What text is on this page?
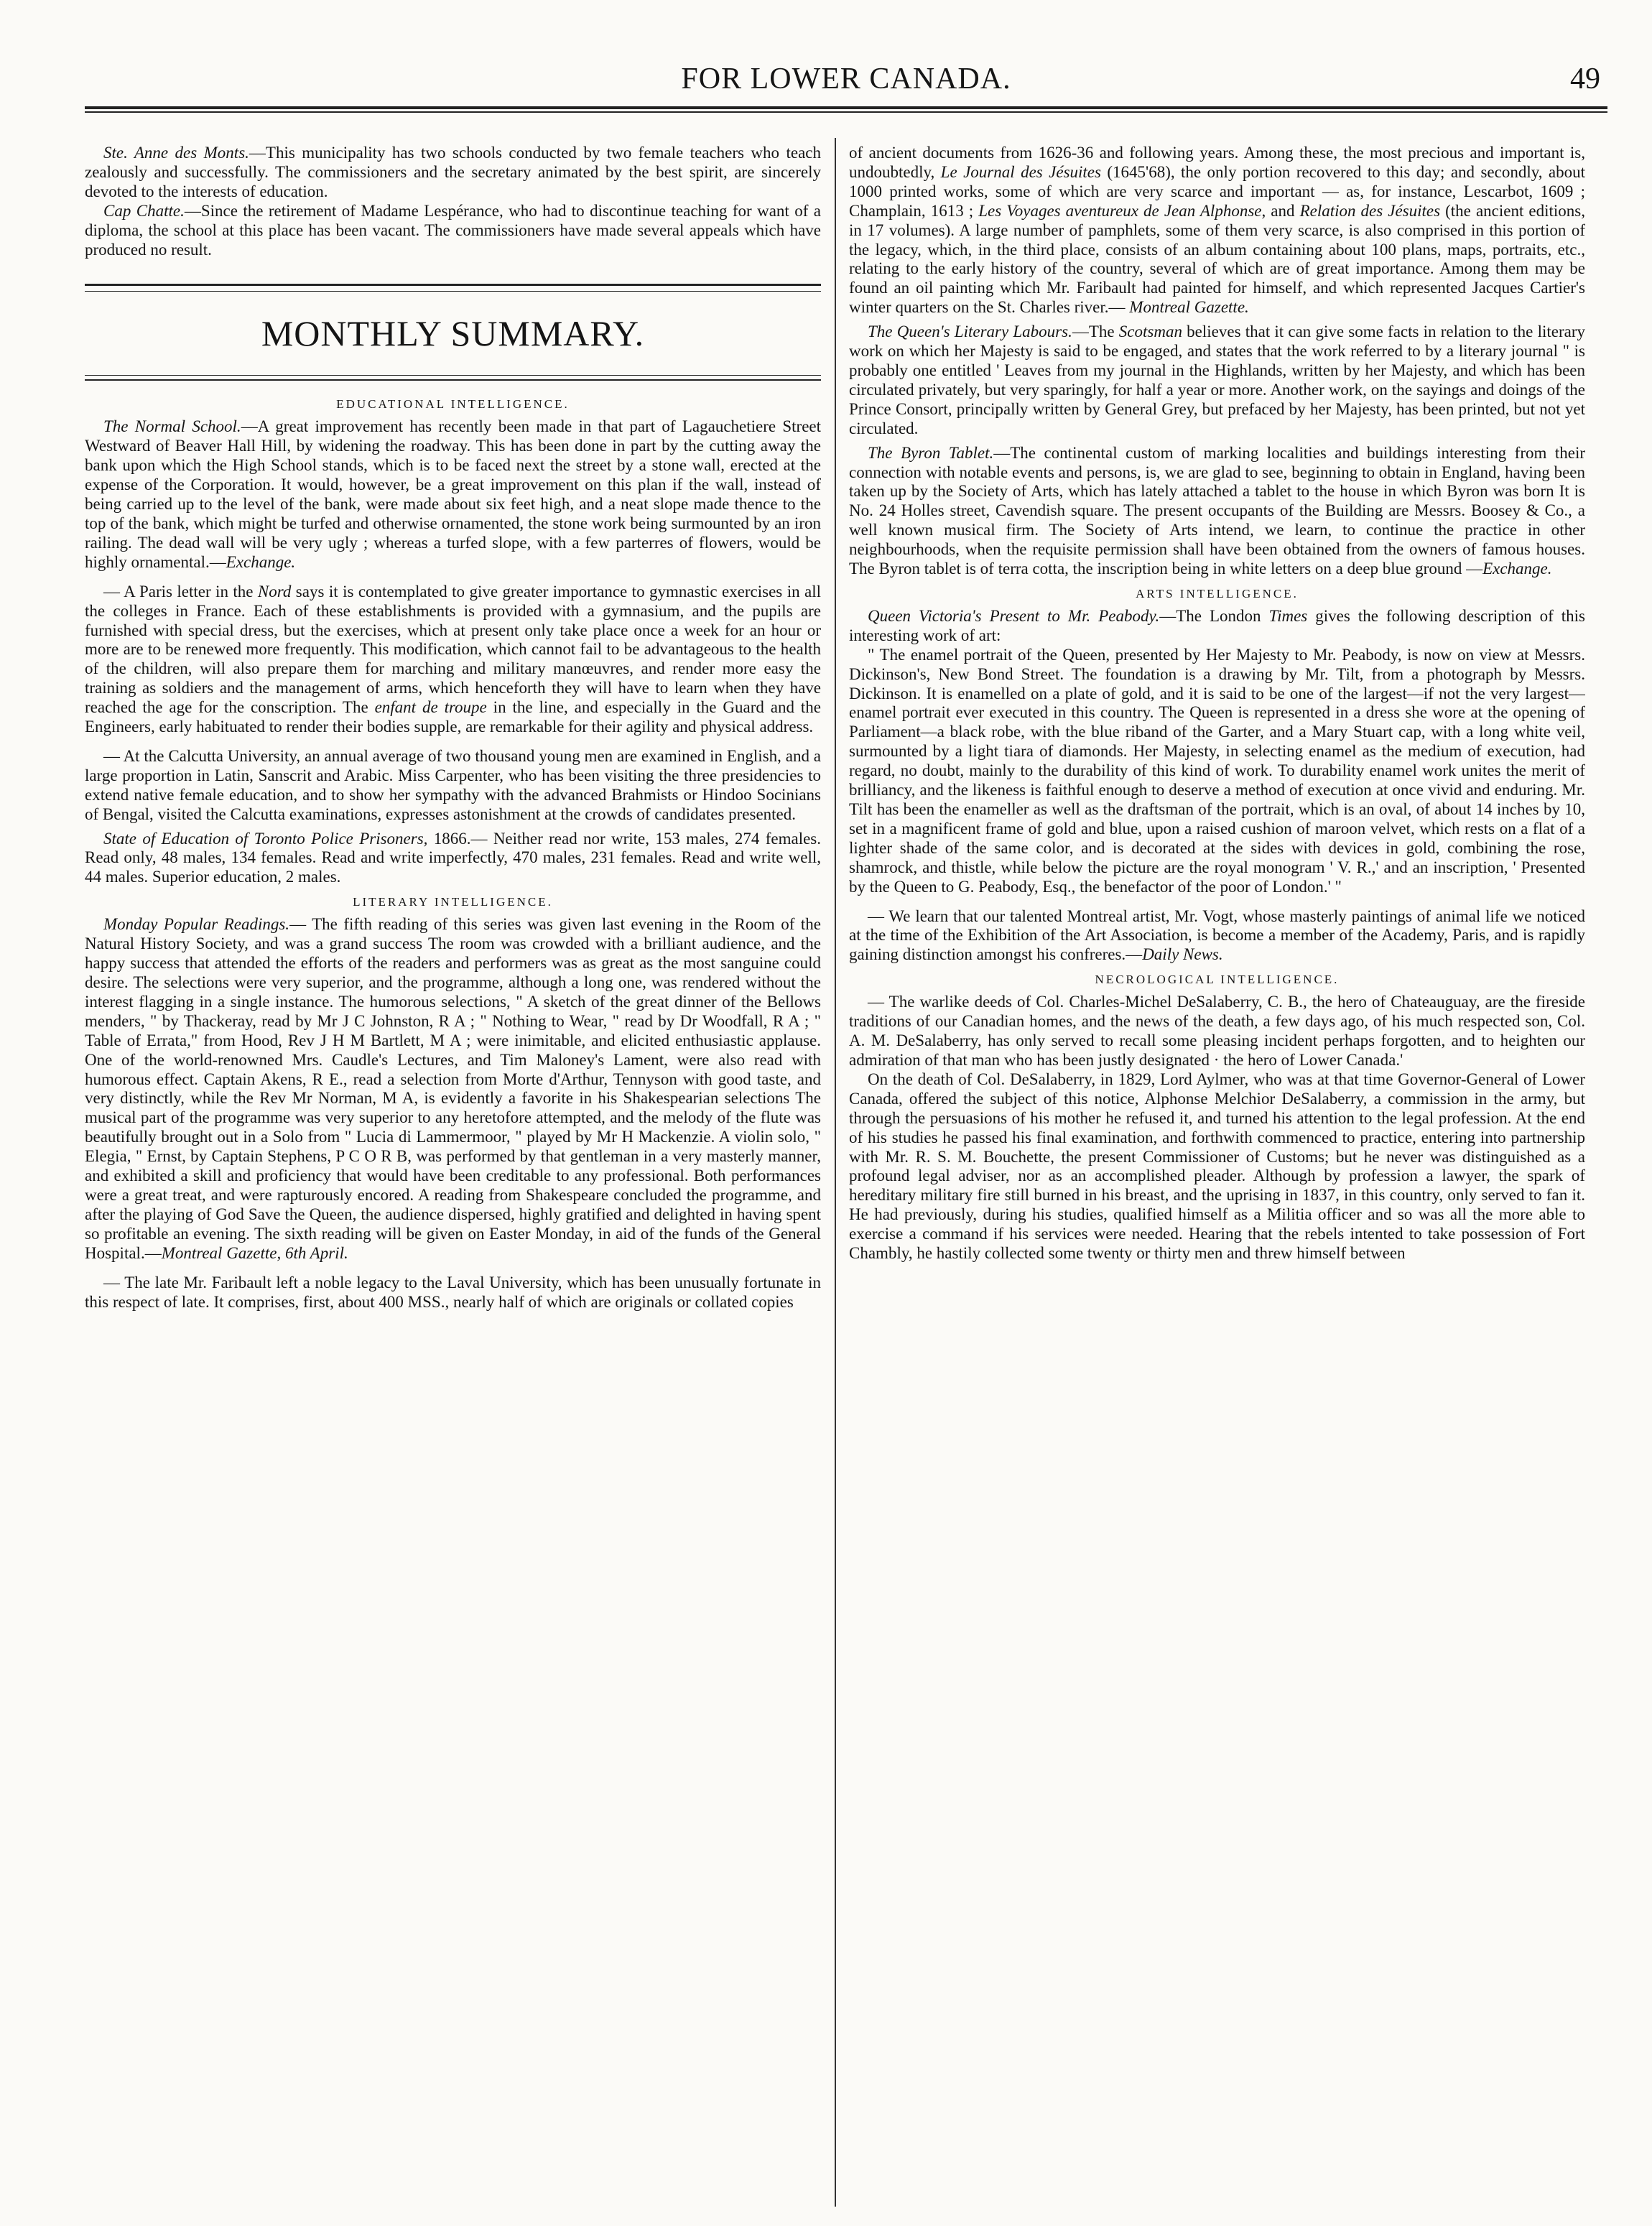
FOR LOWER CANADA.	49

Ste. Anne des Monts.—This municipality has two schools conducted by two female teachers who teach zealously and successfully. The commissioners and the secretary animated by the best spirit, are sincerely devoted to the interests of education.

Cap Chatte.—Since the retirement of Madame Lespérance, who had to discontinue teaching for want of a diploma, the school at this place has been vacant. The commissioners have made several appeals which have produced no result.

MONTHLY SUMMARY.
EDUCATIONAL INTELLIGENCE.

The Normal School.—A great improvement has recently been made in that part of Lagauchetiere Street Westward of Beaver Hall Hill, by widening the roadway. This has been done in part by the cutting away the bank upon which the High School stands, which is to be faced next the street by a stone wall, erected at the expense of the Corporation. It would, however, be a great improvement on this plan if the wall, instead of being carried up to the level of the bank, were made about six feet high, and a neat slope made thence to the top of the bank, which might be turfed and otherwise ornamented, the stone work being surmounted by an iron railing. The dead wall will be very ugly ; whereas a turfed slope, with a few parterres of flowers, would be highly ornamental.—Exchange.

— A Paris letter in the Nord says it is contemplated to give greater importance to gymnastic exercises in all the colleges in France. Each of these establishments is provided with a gymnasium, and the pupils are furnished with special dress, but the exercises, which at present only take place once a week for an hour or more are to be renewed more frequently. This modification, which cannot fail to be advantageous to the health of the children, will also prepare them for marching and military manœuvres, and render more easy the training as soldiers and the management of arms, which henceforth they will have to learn when they have reached the age for the conscription. The enfant de troupe in the line, and especially in the Guard and the Engineers, early habituated to render their bodies supple, are remarkable for their agility and physical address.

— At the Calcutta University, an annual average of two thousand young men are examined in English, and a large proportion in Latin, Sanscrit and Arabic. Miss Carpenter, who has been visiting the three presidencies to extend native female education, and to show her sympathy with the advanced Brahmists or Hindoo Socinians of Bengal, visited the Calcutta examinations, expresses astonishment at the crowds of candidates presented.

State of Education of Toronto Police Prisoners, 1866.— Neither read nor write, 153 males, 274 females. Read only, 48 males, 134 females. Read and write imperfectly, 470 males, 231 females. Read and write well, 44 males. Superior education, 2 males.

LITERARY INTELLIGENCE.

Monday Popular Readings.— The fifth reading of this series was given last evening in the Room of the Natural History Society, and was a grand success The room was crowded with a brilliant audience, and the happy success that attended the efforts of the readers and performers was as great as the most sanguine could desire. The selections were very superior, and the programme, although a long one, was rendered without the interest flagging in a single instance. The humorous selections, " A sketch of the great dinner of the Bellows menders, " by Thackeray, read by Mr J C Johnston, R A ; " Nothing to Wear, " read by Dr Woodfall, R A ; " Table of Errata," from Hood, Rev J H M Bartlett, M A ; were inimitable, and elicited enthusiastic applause. One of the world-renowned Mrs. Caudle's Lectures, and Tim Maloney's Lament, were also read with humorous effect. Captain Akens, R E., read a selection from Morte d'Arthur, Tennyson with good taste, and very distinctly, while the Rev Mr Norman, M A, is evidently a favorite in his Shakespearian selections The musical part of the programme was very superior to any heretofore attempted, and the melody of the flute was beautifully brought out in a Solo from " Lucia di Lammermoor, " played by Mr H Mackenzie. A violin solo, " Elegia, " Ernst, by Captain Stephens, P C O R B, was performed by that gentleman in a very masterly manner, and exhibited a skill and proficiency that would have been creditable to any professional. Both performances were a great treat, and were rapturously encored. A reading from Shakespeare concluded the programme, and after the playing of God Save the Queen, the audience dispersed, highly gratified and delighted in having spent so profitable an evening. The sixth reading will be given on Easter Monday, in aid of the funds of the General Hospital.—Montreal Gazette, 6th April.

— The late Mr. Faribault left a noble legacy to the Laval University, which has been unusually fortunate in this respect of late. It comprises, first, about 400 MSS., nearly half of which are originals or collated copies

of ancient documents from 1626-36 and following years. Among these, the most precious and important is, undoubtedly, Le Journal des Jésuites (1645'68), the only portion recovered to this day; and secondly, about 1000 printed works, some of which are very scarce and important — as, for instance, Lescarbot, 1609 ; Champlain, 1613 ; Les Voyages aventureux de Jean Alphonse, and Relation des Jésuites (the ancient editions, in 17 volumes). A large number of pamphlets, some of them very scarce, is also comprised in this portion of the legacy, which, in the third place, consists of an album containing about 100 plans, maps, portraits, etc., relating to the early history of the country, several of which are of great importance. Among them may be found an oil painting which Mr. Faribault had painted for himself, and which represented Jacques Cartier's winter quarters on the St. Charles river.— Montreal Gazette.

The Queen's Literary Labours.—The Scotsman believes that it can give some facts in relation to the literary work on which her Majesty is said to be engaged, and states that the work referred to by a literary journal " is probably one entitled ' Leaves from my journal in the Highlands, written by her Majesty, and which has been circulated privately, but very sparingly, for half a year or more. Another work, on the sayings and doings of the Prince Consort, principally written by General Grey, but prefaced by her Majesty, has been printed, but not yet circulated.

The Byron Tablet.—The continental custom of marking localities and buildings interesting from their connection with notable events and persons, is, we are glad to see, beginning to obtain in England, having been taken up by the Society of Arts, which has lately attached a tablet to the house in which Byron was born It is No. 24 Holles street, Cavendish square. The present occupants of the Building are Messrs. Boosey & Co., a well known musical firm. The Society of Arts intend, we learn, to continue the practice in other neighbourhoods, when the requisite permission shall have been obtained from the owners of famous houses. The Byron tablet is of terra cotta, the inscription being in white letters on a deep blue ground —Exchange.

ARTS INTELLIGENCE.

Queen Victoria's Present to Mr. Peabody.—The London Times gives the following description of this interesting work of art:

" The enamel portrait of the Queen, presented by Her Majesty to Mr. Peabody, is now on view at Messrs. Dickinson's, New Bond Street. The foundation is a drawing by Mr. Tilt, from a photograph by Messrs. Dickinson. It is enamelled on a plate of gold, and it is said to be one of the largest—if not the very largest—enamel portrait ever executed in this country. The Queen is represented in a dress she wore at the opening of Parliament—a black robe, with the blue riband of the Garter, and a Mary Stuart cap, with a long white veil, surmounted by a light tiara of diamonds. Her Majesty, in selecting enamel as the medium of execution, had regard, no doubt, mainly to the durability of this kind of work. To durability enamel work unites the merit of brilliancy, and the likeness is faithful enough to deserve a method of execution at once vivid and enduring. Mr. Tilt has been the enameller as well as the draftsman of the portrait, which is an oval, of about 14 inches by 10, set in a magnificent frame of gold and blue, upon a raised cushion of maroon velvet, which rests on a flat of a lighter shade of the same color, and is decorated at the sides with devices in gold, combining the rose, shamrock, and thistle, while below the picture are the royal monogram ' V. R.,' and an inscription, ' Presented by the Queen to G. Peabody, Esq., the benefactor of the poor of London.' "

— We learn that our talented Montreal artist, Mr. Vogt, whose masterly paintings of animal life we noticed at the time of the Exhibition of the Art Association, is become a member of the Academy, Paris, and is rapidly gaining distinction amongst his confreres.—Daily News.

NECROLOGICAL INTELLIGENCE.

— The warlike deeds of Col. Charles-Michel DeSalaberry, C. B., the hero of Chateauguay, are the fireside traditions of our Canadian homes, and the news of the death, a few days ago, of his much respected son, Col. A. M. DeSalaberry, has only served to recall some pleasing incident perhaps forgotten, and to heighten our admiration of that man who has been justly designated · the hero of Lower Canada.'

On the death of Col. DeSalaberry, in 1829, Lord Aylmer, who was at that time Governor-General of Lower Canada, offered the subject of this notice, Alphonse Melchior DeSalaberry, a commission in the army, but through the persuasions of his mother he refused it, and turned his attention to the legal profession. At the end of his studies he passed his final examination, and forthwith commenced to practice, entering into partnership with Mr. R. S. M. Bouchette, the present Commissioner of Customs; but he never was distinguished as a profound legal adviser, nor as an accomplished pleader. Although by profession a lawyer, the spark of hereditary military fire still burned in his breast, and the uprising in 1837, in this country, only served to fan it. He had previously, during his studies, qualified himself as a Militia officer and so was all the more able to exercise a command if his services were needed. Hearing that the rebels intented to take possession of Fort Chambly, he hastily collected some twenty or thirty men and threw himself between
